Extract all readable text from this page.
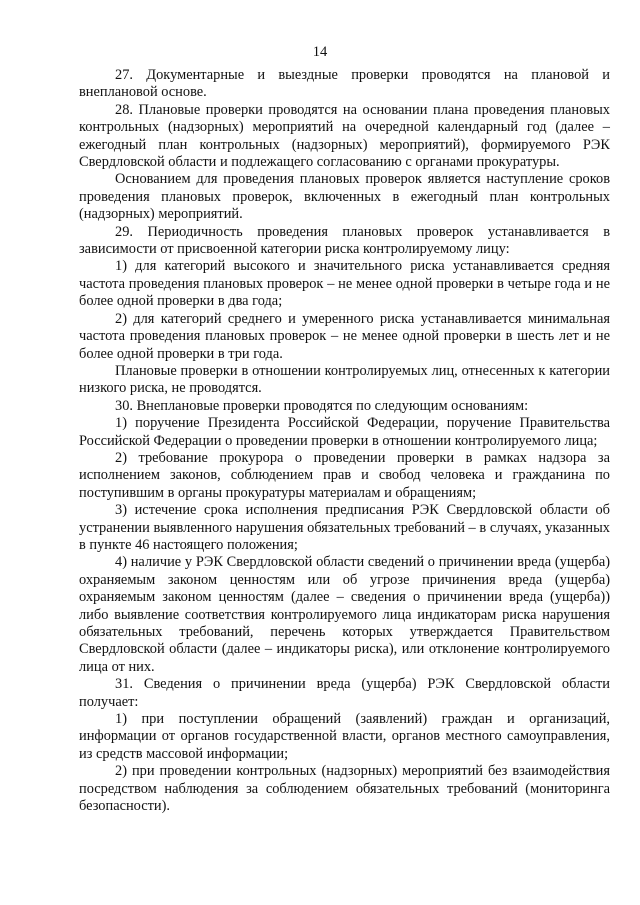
14

27. Документарные и выездные проверки проводятся на плановой и внеплановой основе.

28. Плановые проверки проводятся на основании плана проведения плановых контрольных (надзорных) мероприятий на очередной календарный год (далее – ежегодный план контрольных (надзорных) мероприятий), формируемого РЭК Свердловской области и подлежащего согласованию с органами прокуратуры.

Основанием для проведения плановых проверок является наступление сроков проведения плановых проверок, включенных в ежегодный план контрольных (надзорных) мероприятий.

29. Периодичность проведения плановых проверок устанавливается в зависимости от присвоенной категории риска контролируемому лицу:

1) для категорий высокого и значительного риска устанавливается средняя частота проведения плановых проверок – не менее одной проверки в четыре года и не более одной проверки в два года;

2) для категорий среднего и умеренного риска устанавливается минимальная частота проведения плановых проверок – не менее одной проверки в шесть лет и не более одной проверки в три года.

Плановые проверки в отношении контролируемых лиц, отнесенных к категории низкого риска, не проводятся.

30. Внеплановые проверки проводятся по следующим основаниям:

1) поручение Президента Российской Федерации, поручение Правительства Российской Федерации о проведении проверки в отношении контролируемого лица;

2) требование прокурора о проведении проверки в рамках надзора за исполнением законов, соблюдением прав и свобод человека и гражданина по поступившим в органы прокуратуры материалам и обращениям;

3) истечение срока исполнения предписания РЭК Свердловской области об устранении выявленного нарушения обязательных требований – в случаях, указанных в пункте 46 настоящего положения;

4) наличие у РЭК Свердловской области сведений о причинении вреда (ущерба) охраняемым законом ценностям или об угрозе причинения вреда (ущерба) охраняемым законом ценностям (далее – сведения о причинении вреда (ущерба)) либо выявление соответствия контролируемого лица индикаторам риска нарушения обязательных требований, перечень которых утверждается Правительством Свердловской области (далее – индикаторы риска), или отклонение контролируемого лица от них.

31. Сведения о причинении вреда (ущерба) РЭК Свердловской области получает:

1) при поступлении обращений (заявлений) граждан и организаций, информации от органов государственной власти, органов местного самоуправления, из средств массовой информации;

2) при проведении контрольных (надзорных) мероприятий без взаимодействия посредством наблюдения за соблюдением обязательных требований (мониторинга безопасности).
